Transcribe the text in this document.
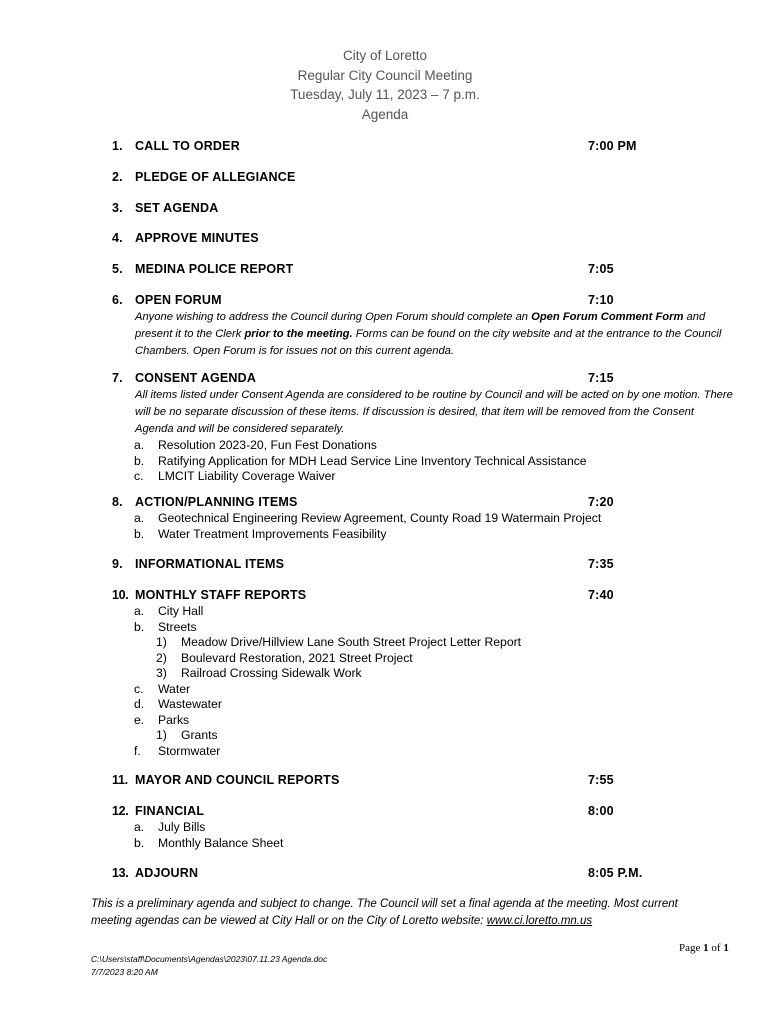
City of Loretto
Regular City Council Meeting
Tuesday, July 11, 2023 – 7 p.m.
Agenda
1. CALL TO ORDER	7:00 PM
2. PLEDGE OF ALLEGIANCE
3. SET AGENDA
4. APPROVE MINUTES
5. MEDINA POLICE REPORT	7:05
6. OPEN FORUM	7:10
Anyone wishing to address the Council during Open Forum should complete an Open Forum Comment Form and present it to the Clerk prior to the meeting. Forms can be found on the city website and at the entrance to the Council Chambers. Open Forum is for issues not on this current agenda.
7. CONSENT AGENDA	7:15
All items listed under Consent Agenda are considered to be routine by Council and will be acted on by one motion. There will be no separate discussion of these items. If discussion is desired, that item will be removed from the Consent Agenda and will be considered separately.
a. Resolution 2023-20, Fun Fest Donations
b. Ratifying Application for MDH Lead Service Line Inventory Technical Assistance
c. LMCIT Liability Coverage Waiver
8. ACTION/PLANNING ITEMS	7:20
a. Geotechnical Engineering Review Agreement, County Road 19 Watermain Project
b. Water Treatment Improvements Feasibility
9. INFORMATIONAL ITEMS	7:35
10. MONTHLY STAFF REPORTS	7:40
a. City Hall
b. Streets
1) Meadow Drive/Hillview Lane South Street Project Letter Report
2) Boulevard Restoration, 2021 Street Project
3) Railroad Crossing Sidewalk Work
c. Water
d. Wastewater
e. Parks
1) Grants
f. Stormwater
11. MAYOR AND COUNCIL REPORTS	7:55
12. FINANCIAL	8:00
a. July Bills
b. Monthly Balance Sheet
13. ADJOURN	8:05 P.M.
This is a preliminary agenda and subject to change. The Council will set a final agenda at the meeting. Most current meeting agendas can be viewed at City Hall or on the City of Loretto website: www.ci.loretto.mn.us
Page 1 of 1
C:\Users\staff\Documents\Agendas\2023\07.11.23 Agenda.doc
7/7/2023 8:20 AM
